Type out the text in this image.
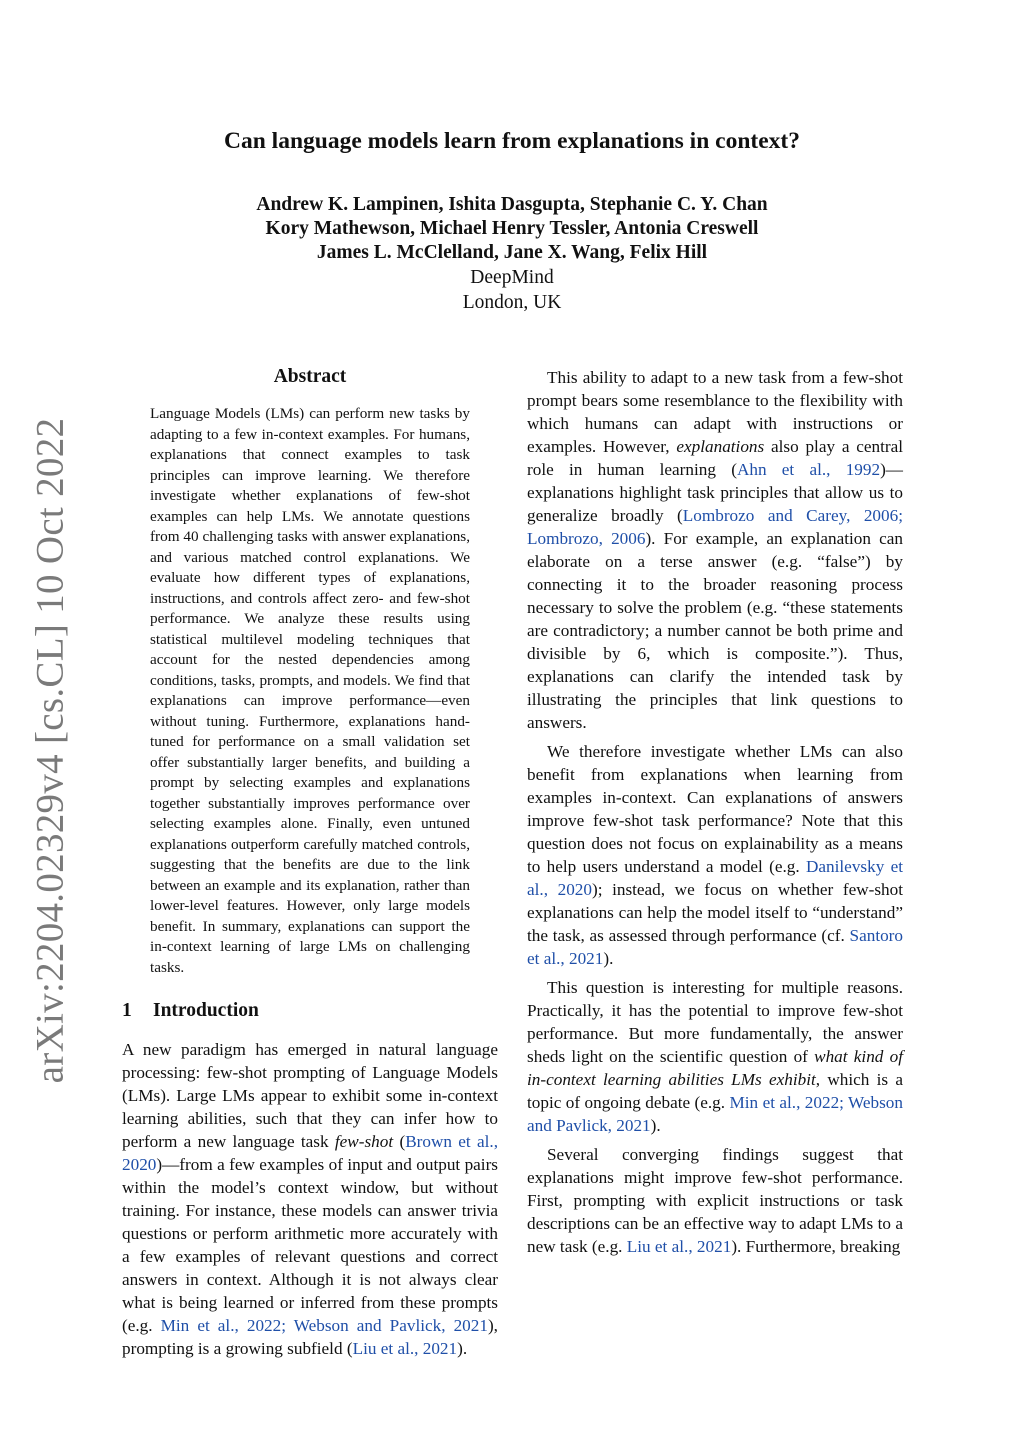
arXiv:2204.02329v4 [cs.CL] 10 Oct 2022
Can language models learn from explanations in context?
Andrew K. Lampinen, Ishita Dasgupta, Stephanie C. Y. Chan
Kory Mathewson, Michael Henry Tessler, Antonia Creswell
James L. McClelland, Jane X. Wang, Felix Hill
DeepMind
London, UK
Abstract

Language Models (LMs) can perform new tasks by adapting to a few in-context examples. For humans, explanations that connect examples to task principles can improve learning. We therefore investigate whether explanations of few-shot examples can help LMs. We annotate questions from 40 challenging tasks with answer explanations, and various matched control explanations. We evaluate how different types of explanations, instructions, and controls affect zero- and few-shot performance. We analyze these results using statistical multilevel modeling techniques that account for the nested dependencies among conditions, tasks, prompts, and models. We find that explanations can improve performance—even without tuning. Furthermore, explanations hand-tuned for performance on a small validation set offer substantially larger benefits, and building a prompt by selecting examples and explanations together substantially improves performance over selecting examples alone. Finally, even untuned explanations outperform carefully matched controls, suggesting that the benefits are due to the link between an example and its explanation, rather than lower-level features. However, only large models benefit. In summary, explanations can support the in-context learning of large LMs on challenging tasks.

1 Introduction

A new paradigm has emerged in natural language processing: few-shot prompting of Language Models (LMs). Large LMs appear to exhibit some in-context learning abilities, such that they can infer how to perform a new language task few-shot (Brown et al., 2020)—from a few examples of input and output pairs within the model’s context window, but without training. For instance, these models can answer trivia questions or perform arithmetic more accurately with a few examples of relevant questions and correct answers in context. Although it is not always clear what is being learned or inferred from these prompts (e.g. Min et al., 2022; Webson and Pavlick, 2021), prompting is a growing subfield (Liu et al., 2021).

This ability to adapt to a new task from a few-shot prompt bears some resemblance to the flexibility with which humans can adapt with instructions or examples. However, explanations also play a central role in human learning (Ahn et al., 1992)—explanations highlight task principles that allow us to generalize broadly (Lombrozo and Carey, 2006; Lombrozo, 2006). For example, an explanation can elaborate on a terse answer (e.g. “false”) by connecting it to the broader reasoning process necessary to solve the problem (e.g. “these statements are contradictory; a number cannot be both prime and divisible by 6, which is composite.”). Thus, explanations can clarify the intended task by illustrating the principles that link questions to answers.

We therefore investigate whether LMs can also benefit from explanations when learning from examples in-context. Can explanations of answers improve few-shot task performance? Note that this question does not focus on explainability as a means to help users understand a model (e.g. Danilevsky et al., 2020); instead, we focus on whether few-shot explanations can help the model itself to “understand” the task, as assessed through performance (cf. Santoro et al., 2021).

This question is interesting for multiple reasons. Practically, it has the potential to improve few-shot performance. But more fundamentally, the answer sheds light on the scientific question of what kind of in-context learning abilities LMs exhibit, which is a topic of ongoing debate (e.g. Min et al., 2022; Webson and Pavlick, 2021).

Several converging findings suggest that explanations might improve few-shot performance. First, prompting with explicit instructions or task descriptions can be an effective way to adapt LMs to a new task (e.g. Liu et al., 2021). Furthermore, breaking
